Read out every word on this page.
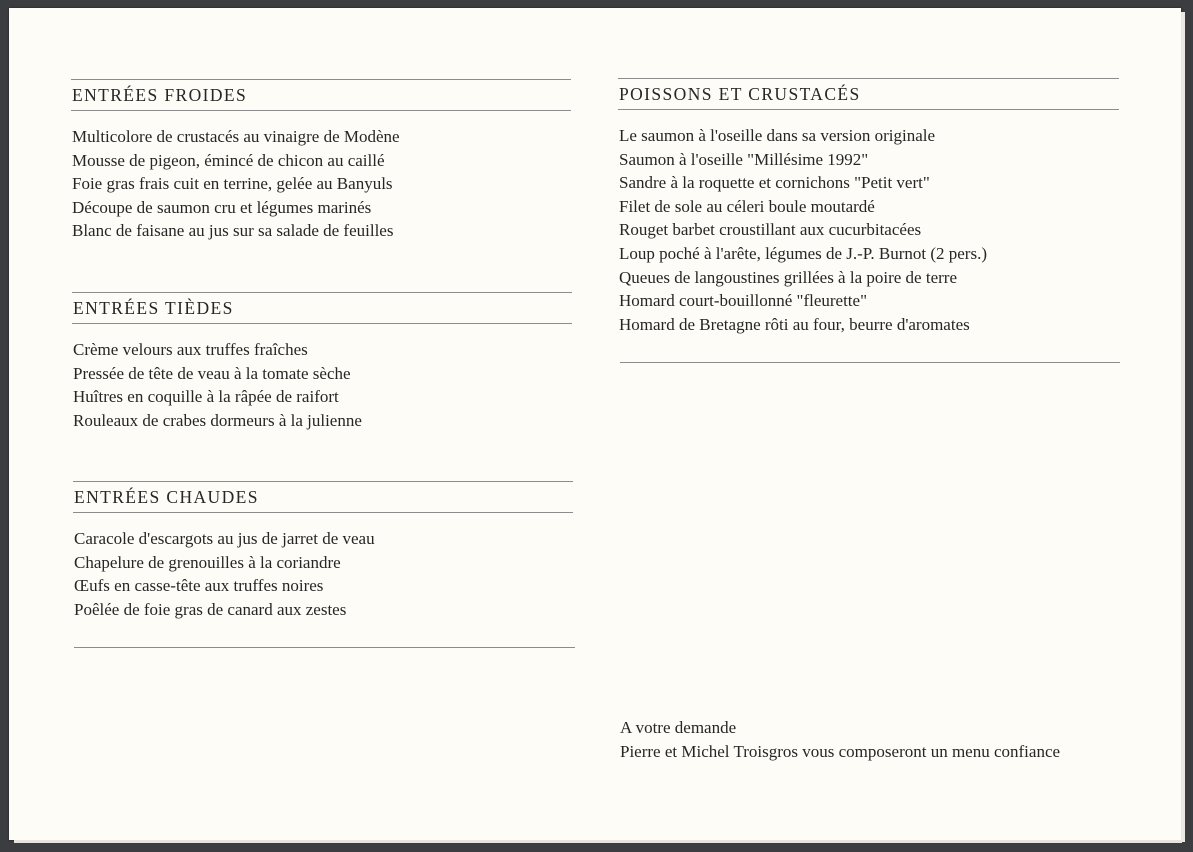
ENTRÉES FROIDES
Multicolore de crustacés au vinaigre de Modène
Mousse de pigeon, émincé de chicon au caillé
Foie gras frais cuit en terrine, gelée au Banyuls
Découpe de saumon cru et légumes marinés
Blanc de faisane au jus sur sa salade de feuilles
ENTRÉES TIÈDES
Crème velours aux truffes fraîches
Pressée de tête de veau à la tomate sèche
Huîtres en coquille à la râpée de raifort
Rouleaux de crabes dormeurs à la julienne
ENTRÉES CHAUDES
Caracole d'escargots au jus de jarret de veau
Chapelure de grenouilles à la coriandre
Œufs en casse-tête aux truffes noires
Poêlée de foie gras de canard aux zestes
POISSONS ET CRUSTACÉS
Le saumon à l'oseille dans sa version originale
Saumon à l'oseille "Millésime 1992"
Sandre à la roquette et cornichons "Petit vert"
Filet de sole au céleri boule moutardé
Rouget barbet croustillant aux cucurbitacées
Loup poché à l'arête, légumes de J.-P. Burnot (2 pers.)
Queues de langoustines grillées à la poire de terre
Homard court-bouillonné "fleurette"
Homard de Bretagne rôti au four, beurre d'aromates
A votre demande
Pierre et Michel Troisgros vous composeront un menu confiance
